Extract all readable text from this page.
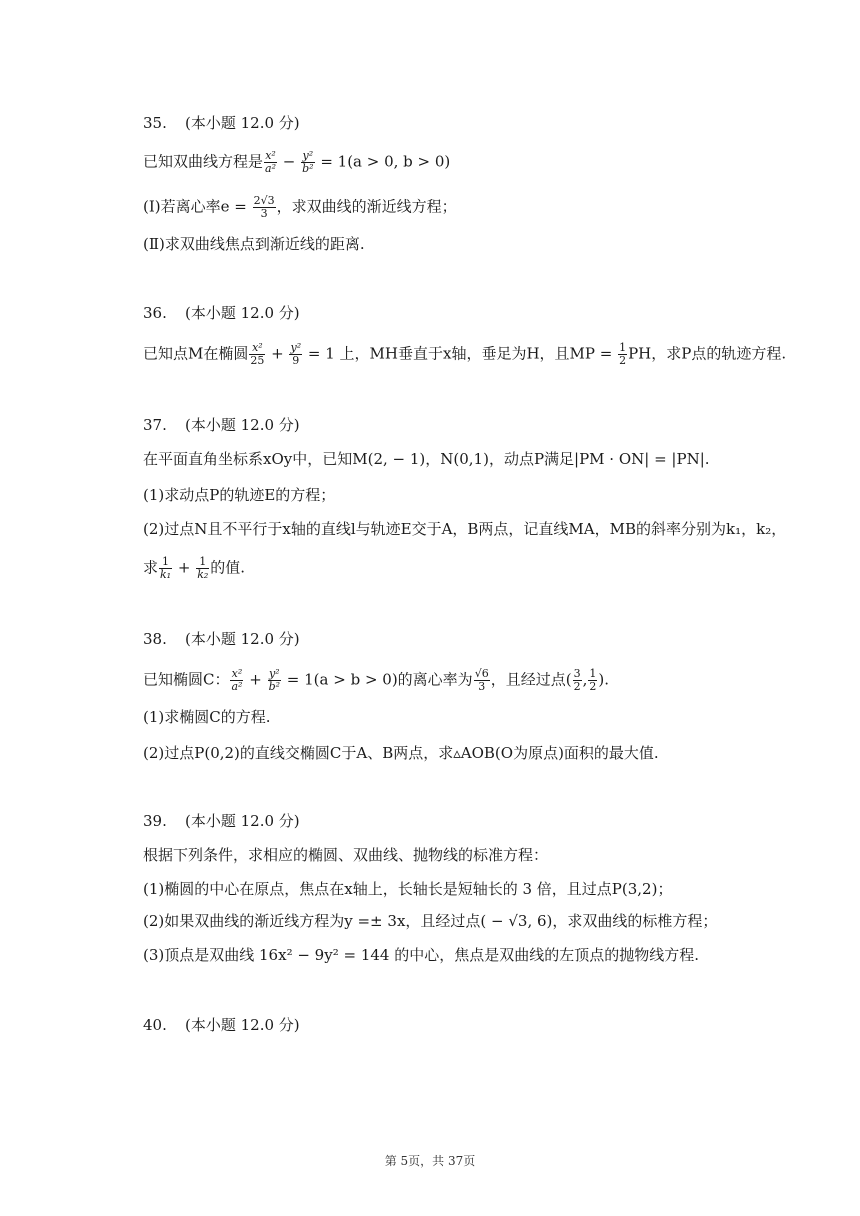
35. (本小题 12.0 分)
已知双曲线方程是 $\frac{\text{x²}}{\text{a²}} - \frac{\text{y²}}{\text{b²}} = 1(a > 0$, b > 0)
(Ⅰ)若离心率$e = \frac{2√3}{3}$ ，求双曲线的渐近线方程；
(Ⅱ)求双曲线焦点到渐近线的距离.
36. (本小题 12.0 分)
已知点M在椭圆 $\frac{\text{x²}}{25} + \frac{\text{y²}}{9} = 1$ 上，MH垂直于x轴，垂足为H，且MP = $\frac{1}{2}$ PH，求P点的轨迹方程.
37. (本小题 12.0 分)
在平面直角坐标系xOy中，已知M(2, − 1)，N(0,1)，动点P满足|PM · ON| = |PN|.
(1)求动点P的轨迹E的方程；
(2)过点N且不平行于x轴的直线l与轨迹E交于A，B两点，记直线MA，MB的斜率分别为k₁，k₂，
求 $\frac{1}{\text{k₁}} + \frac{1}{\text{k₂}}$ 的值.
38. (本小题 12.0 分)
已知椭圆C： $\frac{\text{x²}}{\text{a²}} + \frac{\text{y²}}{\text{b²}} = 1(a > b > 0)$的离心率为 $\frac{√6}{3}$ ，且经过点( $\frac{3}{2}$ , $\frac{1}{2}$ ).
(1)求椭圆C的方程.
(2)过点P(0,2)的直线交椭圆C于A、B两点，求▵AOB(O为原点)面积的最大值.
39. (本小题 12.0 分)
根据下列条件，求相应的椭圆、双曲线、抛物线的标准方程：
(1)椭圆的中心在原点，焦点在x轴上，长轴长是短轴长的 3 倍，且过点P(3,2)；
(2)如果双曲线的渐近线方程为y =± 3x，且经过点( − √3, 6)，求双曲线的标椎方程；
(3)顶点是双曲线 16x² − 9y² = 144 的中心，焦点是双曲线的左顶点的抛物线方程.
40. (本小题 12.0 分)
第 5页，共 37页
